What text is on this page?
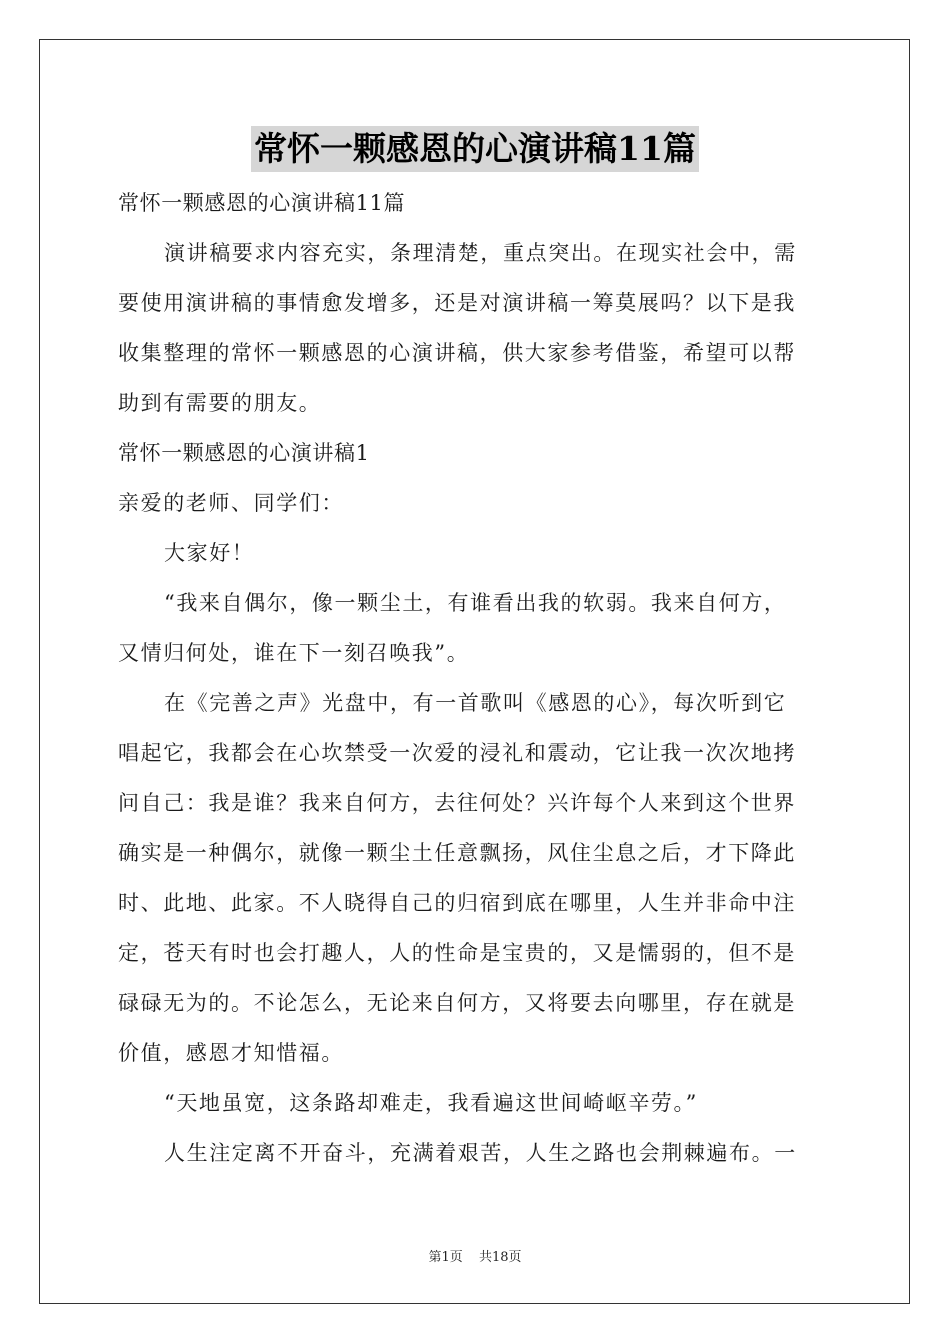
常怀一颗感恩的心演讲稿11篇
常怀一颗感恩的心演讲稿11篇
演讲稿要求内容充实，条理清楚，重点突出。在现实社会中，需
要使用演讲稿的事情愈发增多，还是对演讲稿一筹莫展吗？以下是我
收集整理的常怀一颗感恩的心演讲稿，供大家参考借鉴，希望可以帮
助到有需要的朋友。
常怀一颗感恩的心演讲稿1
亲爱的老师、同学们：
大家好！
“我来自偶尔，像一颗尘土，有谁看出我的软弱。我来自何方，
又情归何处，谁在下一刻召唤我”。
在《完善之声》光盘中，有一首歌叫《感恩的心》，每次听到它
唱起它，我都会在心坎禁受一次爱的浸礼和震动，它让我一次次地拷
问自己：我是谁？我来自何方，去往何处？兴许每个人来到这个世界
确实是一种偶尔，就像一颗尘土任意飘扬，风住尘息之后，才下降此
时、此地、此家。不人晓得自己的归宿到底在哪里，人生并非命中注
定，苍天有时也会打趣人，人的性命是宝贵的，又是懦弱的，但不是
碌碌无为的。不论怎么，无论来自何方，又将要去向哪里，存在就是
价值，感恩才知惜福。
“天地虽宽，这条路却难走，我看遍这世间崎岖辛劳。”
人生注定离不开奋斗，充满着艰苦，人生之路也会荆棘遍布。一
第1页 共18页
